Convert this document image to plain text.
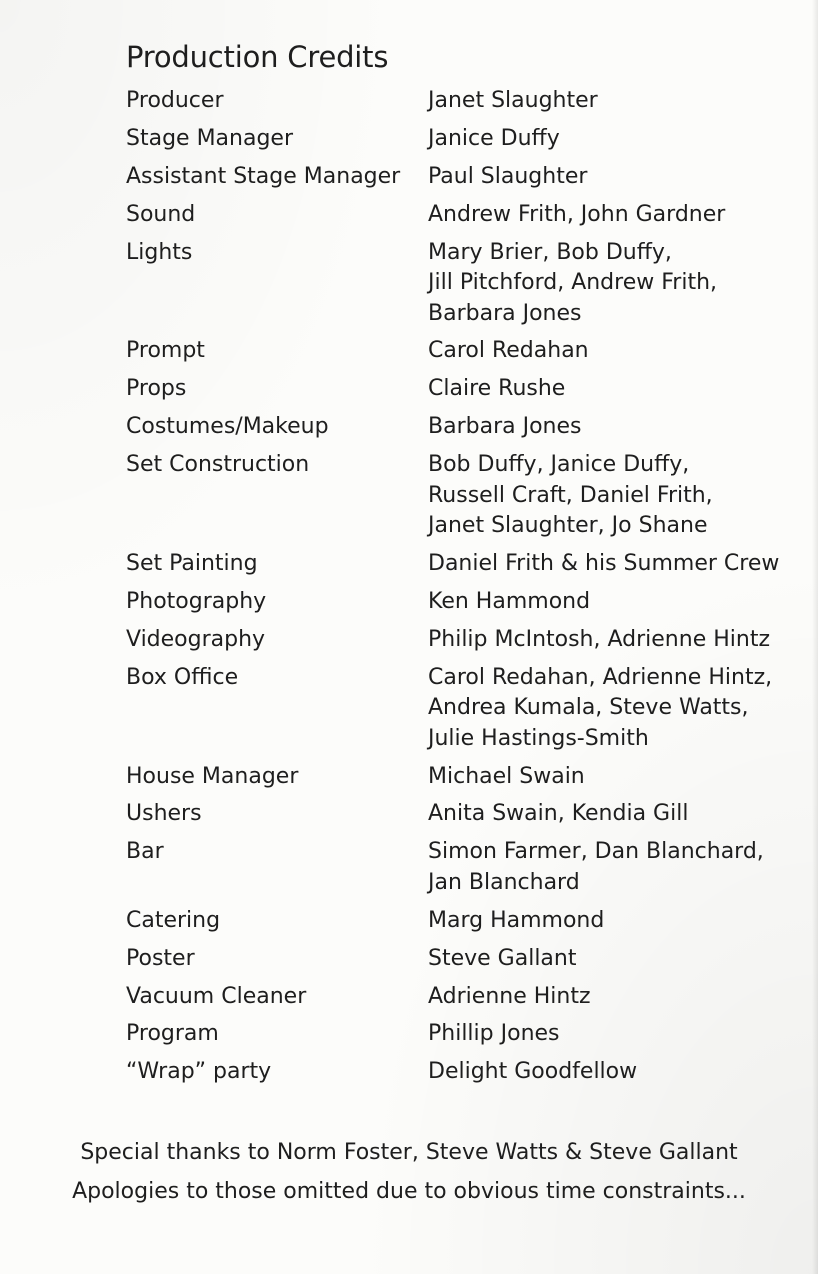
Production Credits
Producer	Janet Slaughter
Stage Manager	Janice Duffy
Assistant Stage Manager	Paul Slaughter
Sound	Andrew Frith, John Gardner
Lights	Mary Brier, Bob Duffy,
Jill Pitchford, Andrew Frith,
Barbara Jones
Prompt	Carol Redahan
Props	Claire Rushe
Costumes/Makeup	Barbara Jones
Set Construction	Bob Duffy, Janice Duffy,
Russell Craft, Daniel Frith,
Janet Slaughter, Jo Shane
Set Painting	Daniel Frith & his Summer Crew
Photography	Ken Hammond
Videography	Philip McIntosh, Adrienne Hintz
Box Office	Carol Redahan, Adrienne Hintz,
Andrea Kumala, Steve Watts,
Julie Hastings-Smith
House Manager	Michael Swain
Ushers	Anita Swain, Kendia Gill
Bar	Simon Farmer, Dan Blanchard,
Jan Blanchard
Catering	Marg Hammond
Poster	Steve Gallant
Vacuum Cleaner	Adrienne Hintz
Program	Phillip Jones
“Wrap” party	Delight Goodfellow
Special thanks to Norm Foster, Steve Watts & Steve Gallant
Apologies to those omitted due to obvious time constraints...
